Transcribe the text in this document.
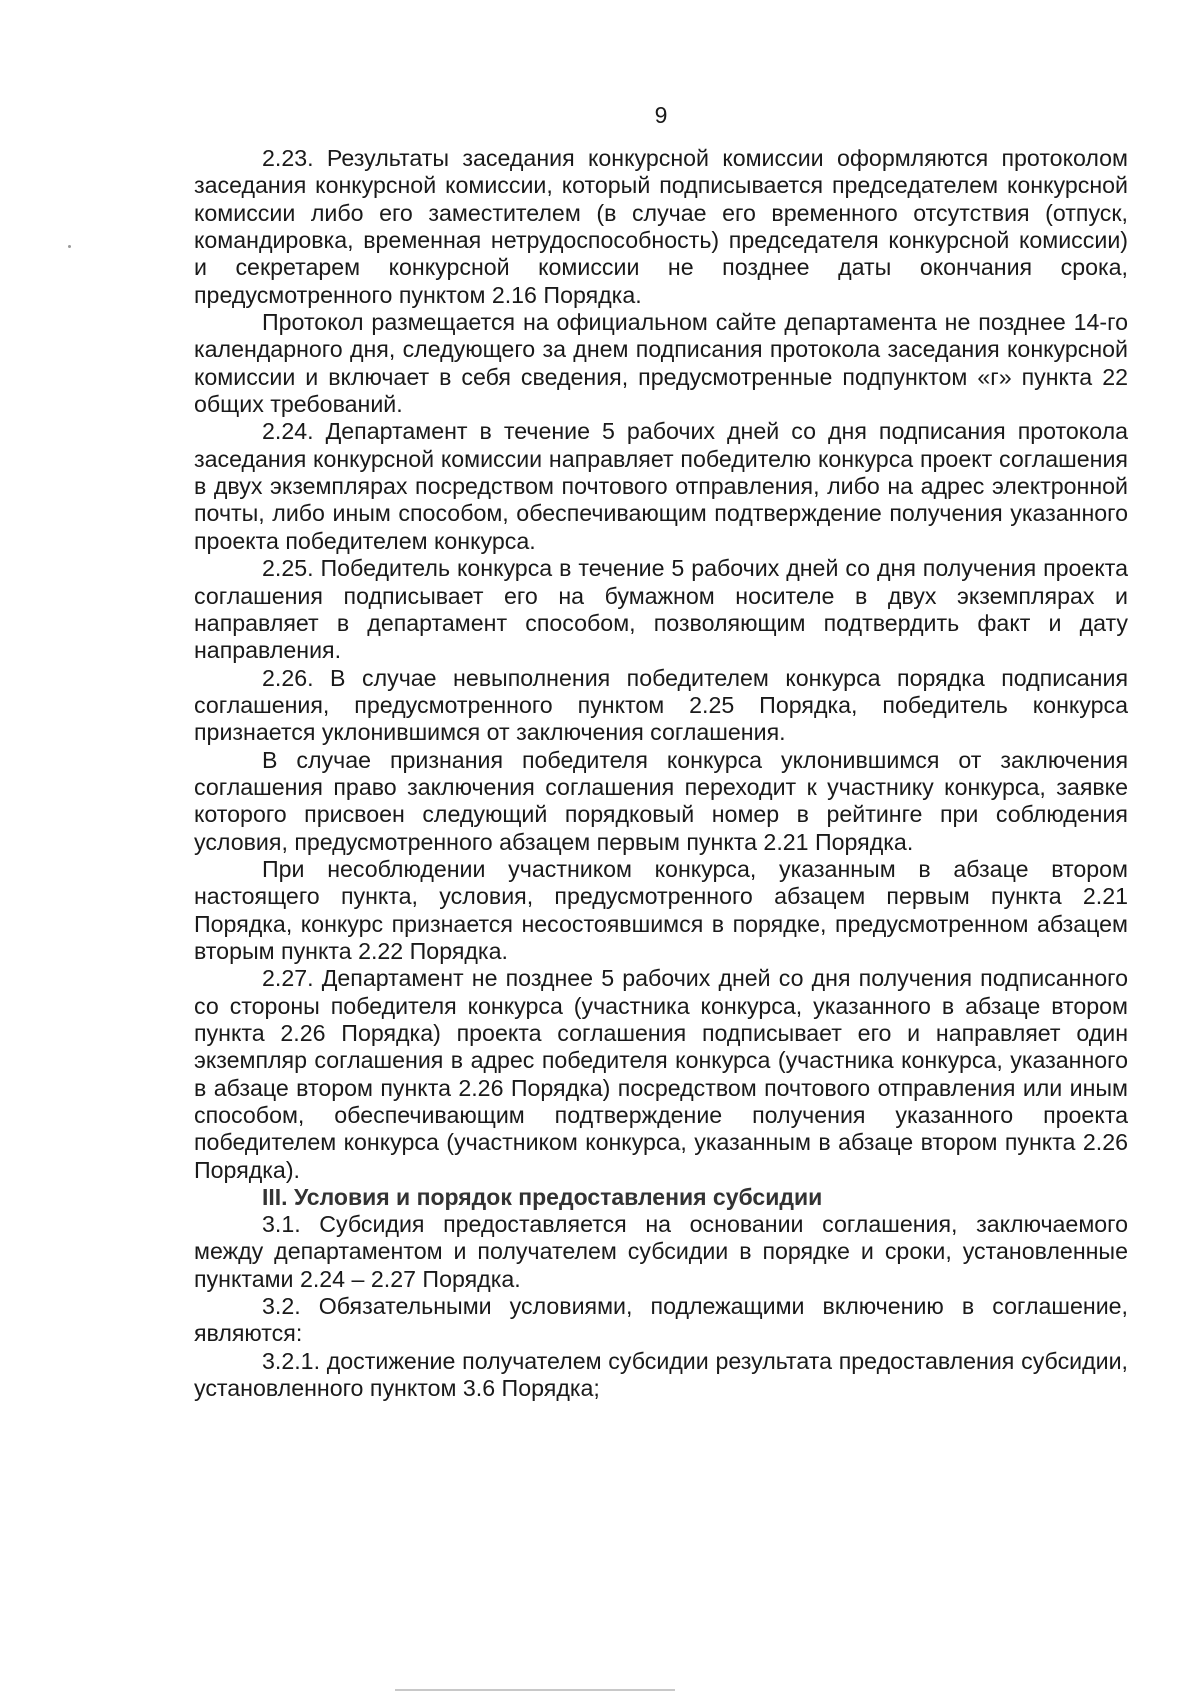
9

2.23. Результаты заседания конкурсной комиссии оформляются протоколом заседания конкурсной комиссии, который подписывается председателем конкурсной комиссии либо его заместителем (в случае его временного отсутствия (отпуск, командировка, временная нетрудоспособность) председателя конкурсной комиссии) и секретарем конкурсной комиссии не позднее даты окончания срока, предусмотренного пунктом 2.16 Порядка.

Протокол размещается на официальном сайте департамента не позднее 14-го календарного дня, следующего за днем подписания протокола заседания конкурсной комиссии и включает в себя сведения, предусмотренные подпунктом «г» пункта 22 общих требований.

2.24. Департамент в течение 5 рабочих дней со дня подписания протокола заседания конкурсной комиссии направляет победителю конкурса проект соглашения в двух экземплярах посредством почтового отправления, либо на адрес электронной почты, либо иным способом, обеспечивающим подтверждение получения указанного проекта победителем конкурса.

2.25. Победитель конкурса в течение 5 рабочих дней со дня получения проекта соглашения подписывает его на бумажном носителе в двух экземплярах и направляет в департамент способом, позволяющим подтвердить факт и дату направления.

2.26. В случае невыполнения победителем конкурса порядка подписания соглашения, предусмотренного пунктом 2.25 Порядка, победитель конкурса признается уклонившимся от заключения соглашения.

В случае признания победителя конкурса уклонившимся от заключения соглашения право заключения соглашения переходит к участнику конкурса, заявке которого присвоен следующий порядковый номер в рейтинге при соблюдения условия, предусмотренного абзацем первым пункта 2.21 Порядка.

При несоблюдении участником конкурса, указанным в абзаце втором настоящего пункта, условия, предусмотренного абзацем первым пункта 2.21 Порядка, конкурс признается несостоявшимся в порядке, предусмотренном абзацем вторым пункта 2.22 Порядка.

2.27. Департамент не позднее 5 рабочих дней со дня получения подписанного со стороны победителя конкурса (участника конкурса, указанного в абзаце втором пункта 2.26 Порядка) проекта соглашения подписывает его и направляет один экземпляр соглашения в адрес победителя конкурса (участника конкурса, указанного в абзаце втором пункта 2.26 Порядка) посредством почтового отправления или иным способом, обеспечивающим подтверждение получения указанного проекта победителем конкурса (участником конкурса, указанным в абзаце втором пункта 2.26 Порядка).

III. Условия и порядок предоставления субсидии

3.1. Субсидия предоставляется на основании соглашения, заключаемого между департаментом и получателем субсидии в порядке и сроки, установленные пунктами 2.24 – 2.27 Порядка.

3.2. Обязательными условиями, подлежащими включению в соглашение, являются:

3.2.1. достижение получателем субсидии результата предоставления субсидии, установленного пунктом 3.6 Порядка;
